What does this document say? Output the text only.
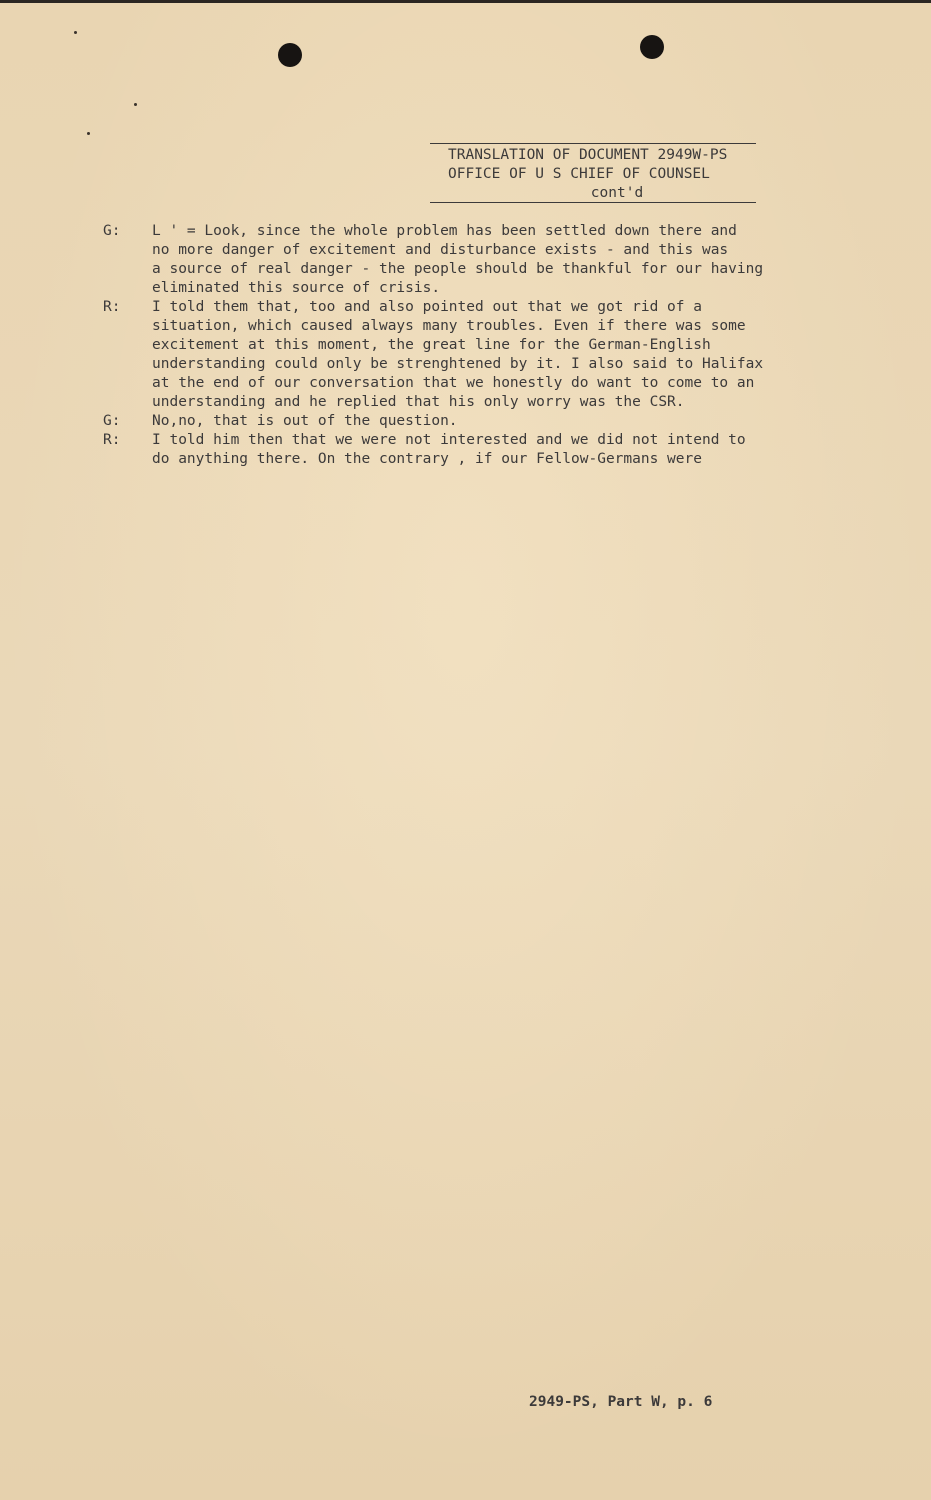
TRANSLATION OF DOCUMENT 2949W-PS
OFFICE OF U S CHIEF OF COUNSEL
cont'd
G:	L ' = Look, since the whole problem has been settled down there and
no more danger of excitement and disturbance exists - and this was
a source of real danger - the people should be thankful for our having
eliminated this source of crisis.
R:	I told them that, too and also pointed out that we got rid of a
situation, which caused always many troubles. Even if there was some
excitement at this moment, the great line for the German-English
understanding could only be strenghtened by it. I also said to Halifax
at the end of our conversation that we honestly do want to come to an
understanding and he replied that his only worry was the CSR.
G:	No,no, that is out of the question.
R:	I told him then that we were not interested and we did not intend to
do anything there. On the contrary , if our Fellow-Germans were
2949-PS, Part W, p. 6
